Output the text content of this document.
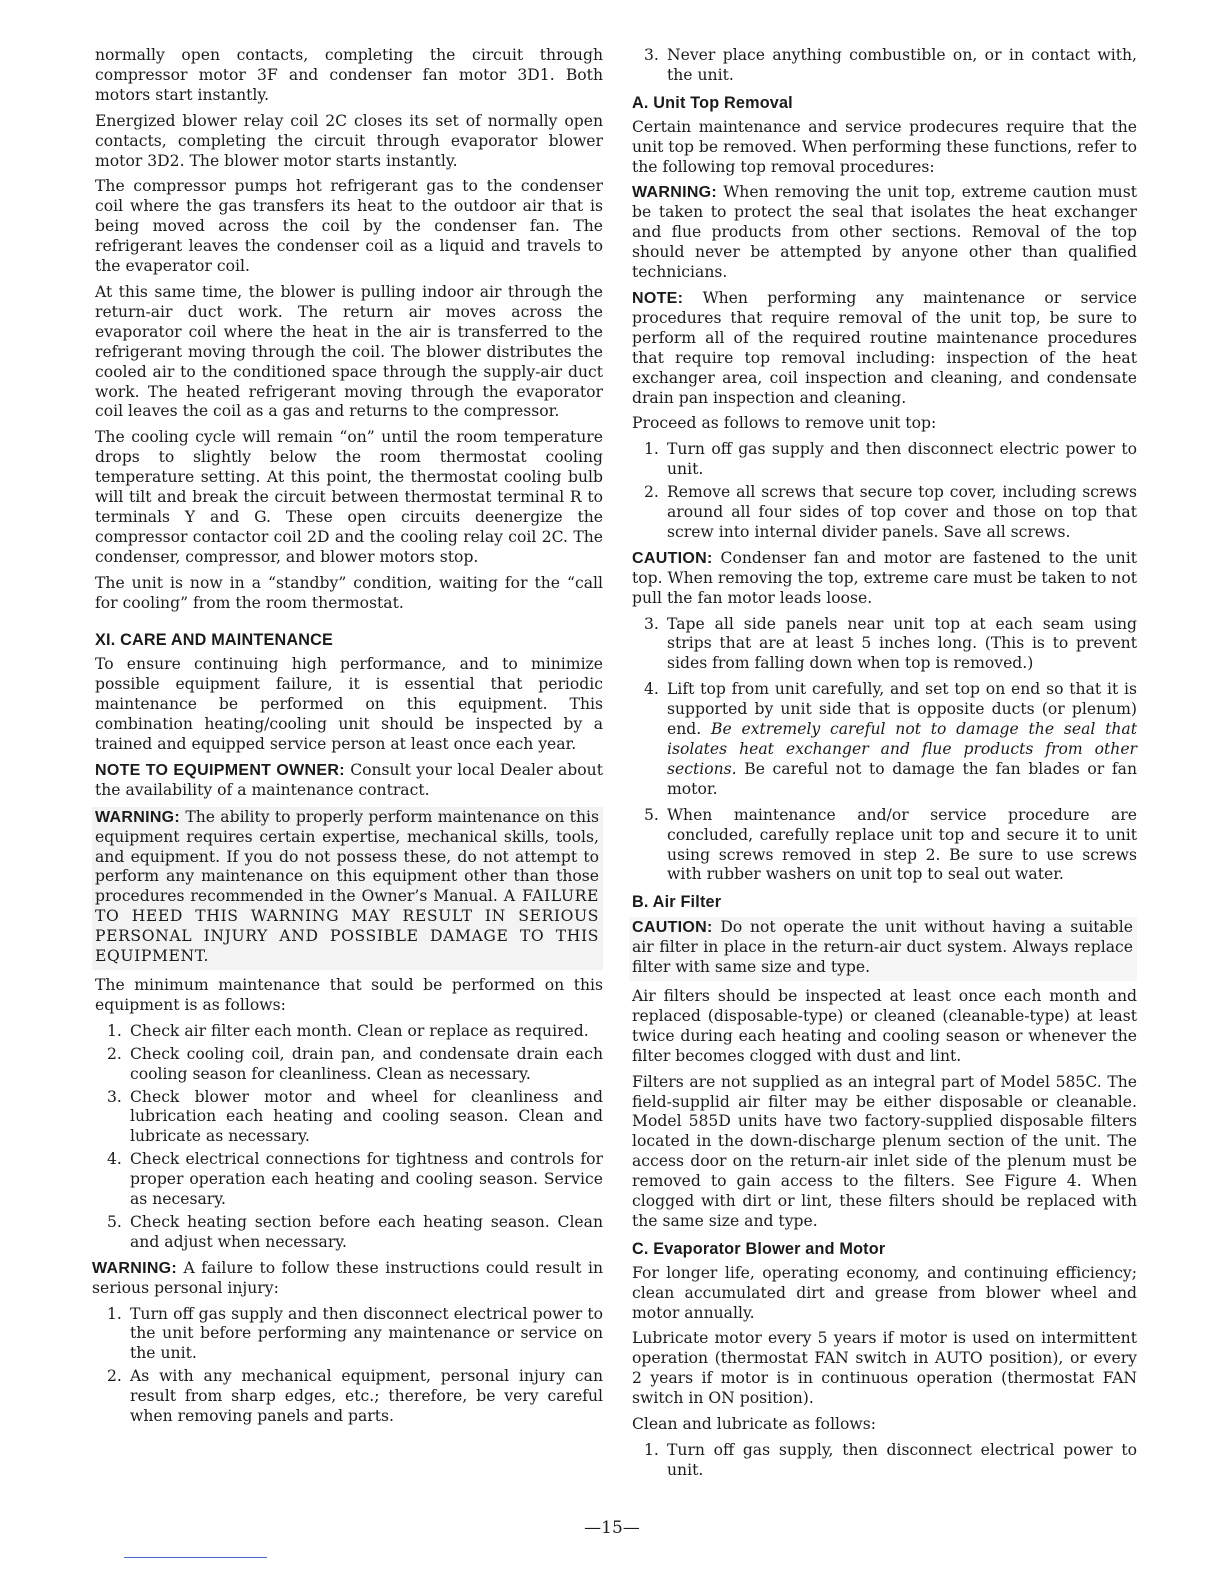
normally open contacts, completing the circuit through compressor motor 3F and condenser fan motor 3D1. Both motors start instantly.

Energized blower relay coil 2C closes its set of normally open contacts, completing the circuit through evaporator blower motor 3D2. The blower motor starts instantly.

The compressor pumps hot refrigerant gas to the condenser coil where the gas transfers its heat to the outdoor air that is being moved across the coil by the condenser fan. The refrigerant leaves the condenser coil as a liquid and travels to the evaperator coil.

At this same time, the blower is pulling indoor air through the return-air duct work. The return air moves across the evaporator coil where the heat in the air is transferred to the refrigerant moving through the coil. The blower distributes the cooled air to the conditioned space through the supply-air duct work. The heated refrigerant moving through the evaporator coil leaves the coil as a gas and returns to the compressor.

The cooling cycle will remain “on” until the room temperature drops to slightly below the room thermostat cooling temperature setting. At this point, the thermostat cooling bulb will tilt and break the circuit between thermostat terminal R to terminals Y and G. These open circuits deenergize the compressor contactor coil 2D and the cooling relay coil 2C. The condenser, compressor, and blower motors stop.

The unit is now in a “standby” condition, waiting for the “call for cooling” from the room thermostat.

XI. CARE AND MAINTENANCE

To ensure continuing high performance, and to minimize possible equipment failure, it is essential that periodic maintenance be performed on this equipment. This combination heating/cooling unit should be inspected by a trained and equipped service person at least once each year.

NOTE TO EQUIPMENT OWNER: Consult your local Dealer about the availability of a maintenance contract.

WARNING: The ability to properly perform maintenance on this equipment requires certain expertise, mechanical skills, tools, and equipment. If you do not possess these, do not attempt to perform any maintenance on this equipment other than those procedures recommended in the Owner’s Manual. A FAILURE TO HEED THIS WARNING MAY RESULT IN SERIOUS PERSONAL INJURY AND POSSIBLE DAMAGE TO THIS EQUIPMENT.

The minimum maintenance that sould be performed on this equipment is as follows:

1. Check air filter each month. Clean or replace as required.
2. Check cooling coil, drain pan, and condensate drain each cooling season for cleanliness. Clean as necessary.
3. Check blower motor and wheel for cleanliness and lubrication each heating and cooling season. Clean and lubricate as necessary.
4. Check electrical connections for tightness and controls for proper operation each heating and cooling season. Service as necesary.
5. Check heating section before each heating season. Clean and adjust when necessary.

WARNING: A failure to follow these instructions could result in serious personal injury:

1. Turn off gas supply and then disconnect electrical power to the unit before performing any maintenance or service on the unit.
2. As with any mechanical equipment, personal injury can result from sharp edges, etc.; therefore, be very careful when removing panels and parts.
3. Never place anything combustible on, or in contact with, the unit.
A. Unit Top Removal

Certain maintenance and service prodecures require that the unit top be removed. When performing these functions, refer to the following top removal procedures:

WARNING: When removing the unit top, extreme caution must be taken to protect the seal that isolates the heat exchanger and flue products from other sections. Removal of the top should never be attempted by anyone other than qualified technicians.

NOTE: When performing any maintenance or service procedures that require removal of the unit top, be sure to perform all of the required routine maintenance procedures that require top removal including: inspection of the heat exchanger area, coil inspection and cleaning, and condensate drain pan inspection and cleaning.

Proceed as follows to remove unit top:

1. Turn off gas supply and then disconnect electric power to unit.
2. Remove all screws that secure top cover, including screws around all four sides of top cover and those on top that screw into internal divider panels. Save all screws.

CAUTION: Condenser fan and motor are fastened to the unit top. When removing the top, extreme care must be taken to not pull the fan motor leads loose.

3. Tape all side panels near unit top at each seam using strips that are at least 5 inches long. (This is to prevent sides from falling down when top is removed.)
4. Lift top from unit carefully, and set top on end so that it is supported by unit side that is opposite ducts (or plenum) end. Be extremely careful not to damage the seal that isolates heat exchanger and flue products from other sections. Be careful not to damage the fan blades or fan motor.
5. When maintenance and/or service procedure are concluded, carefully replace unit top and secure it to unit using screws removed in step 2. Be sure to use screws with rubber washers on unit top to seal out water.
B. Air Filter
CAUTION: Do not operate the unit without having a suitable air filter in place in the return-air duct system. Always replace filter with same size and type.

Air filters should be inspected at least once each month and replaced (disposable-type) or cleaned (cleanable-type) at least twice during each heating and cooling season or whenever the filter becomes clogged with dust and lint.

Filters are not supplied as an integral part of Model 585C. The field-supplid air filter may be either disposable or cleanable. Model 585D units have two factory-supplied disposable filters located in the down-discharge plenum section of the unit. The access door on the return-air inlet side of the plenum must be removed to gain access to the filters. See Figure 4. When clogged with dirt or lint, these filters should be replaced with the same size and type.

C. Evaporator Blower and Motor

For longer life, operating economy, and continuing efficiency; clean accumulated dirt and grease from blower wheel and motor annually.

Lubricate motor every 5 years if motor is used on intermittent operation (thermostat FAN switch in AUTO position), or every 2 years if motor is in continuous operation (thermostat FAN switch in ON position).

Clean and lubricate as follows:

1. Turn off gas supply, then disconnect electrical power to unit.
—15—
